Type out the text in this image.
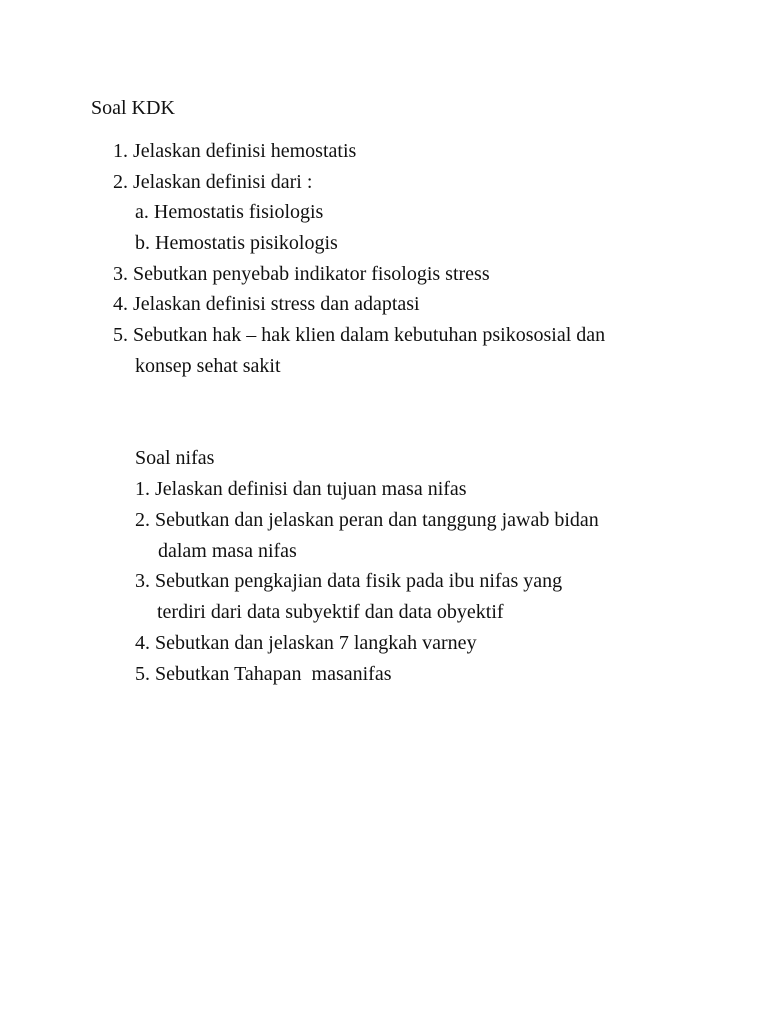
Soal KDK
1. Jelaskan definisi hemostatis
2. Jelaskan definisi dari :
a. Hemostatis fisiologis
b. Hemostatis pisikologis
3. Sebutkan penyebab indikator fisologis stress
4. Jelaskan definisi stress dan adaptasi
5. Sebutkan hak – hak klien dalam kebutuhan psikososial dan
konsep sehat sakit
Soal nifas
1. Jelaskan definisi dan tujuan masa nifas
2. Sebutkan dan jelaskan peran dan tanggung jawab bidan
dalam masa nifas
3. Sebutkan pengkajian data fisik pada ibu nifas yang
terdiri dari data subyektif dan data obyektif
4. Sebutkan dan jelaskan 7 langkah varney
5. Sebutkan Tahapan  masanifas
